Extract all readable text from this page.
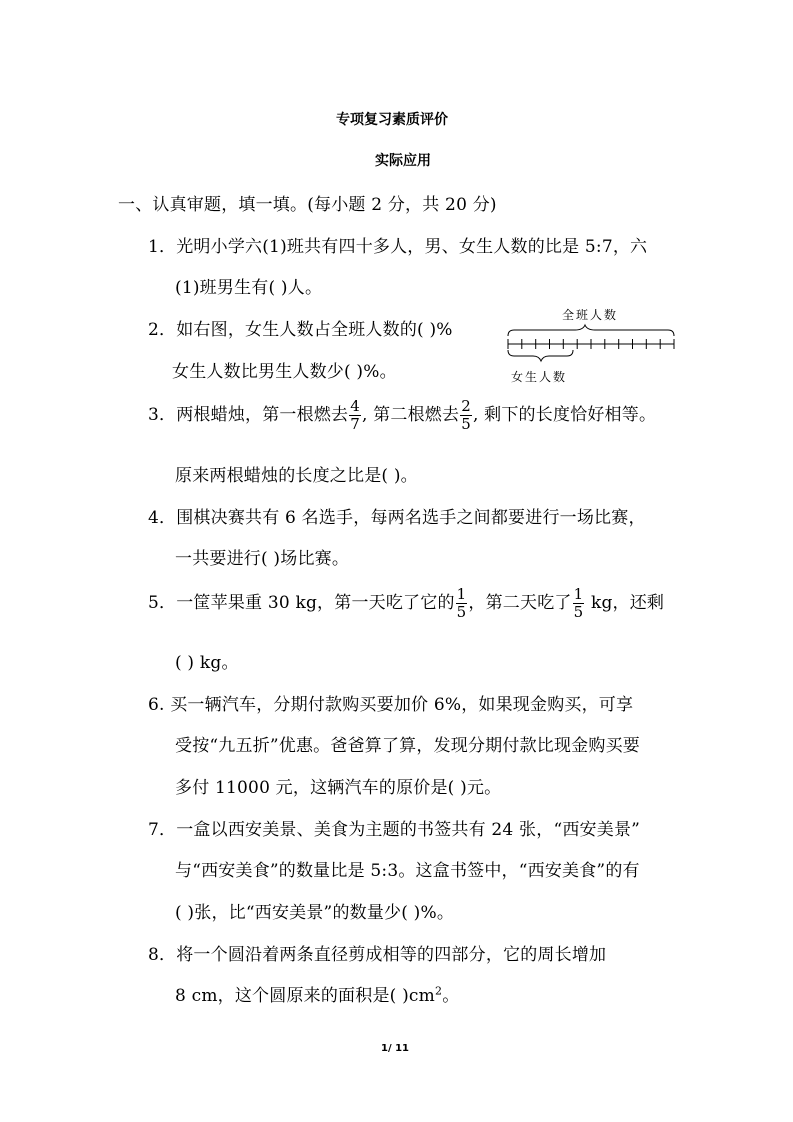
专项复习素质评价
实际应用
一、认真审题，填一填。(每小题 2 分，共 20 分)
1．光明小学六(1)班共有四十多人，男、女生人数的比是 5:7，六
(1)班男生有( )人。
2．如右图，女生人数占全班人数的( )%
女生人数比男生人数少( )%。
全班人数
女生人数
3．两根蜡烛，第一根燃去 $\frac{4}{7}$ , 第二根燃去 $\frac{2}{5}$ , 剩下的长度恰好相等。
原来两根蜡烛的长度之比是( )。
4．围棋决赛共有 6 名选手，每两名选手之间都要进行一场比赛，
一共要进行( )场比赛。
5．一筐苹果重 30 kg，第一天吃了它的 $\frac{1}{5}$ ，第二天吃了 $\frac{1}{5}$ kg，还剩
( ) kg。
6. 买一辆汽车，分期付款购买要加价 6%，如果现金购买，可享
受按“九五折”优惠。爸爸算了算，发现分期付款比现金购买要
多付 11000 元，这辆汽车的原价是( )元。
7．一盒以西安美景、美食为主题的书签共有 24 张，“西安美景”
与“西安美食”的数量比是 5:3。这盒书签中，“西安美食”的有
( )张，比“西安美景”的数量少( )%。
8．将一个圆沿着两条直径剪成相等的四部分，它的周长增加
8 cm，这个圆原来的面积是( )$cm^2$。
1/ 11
